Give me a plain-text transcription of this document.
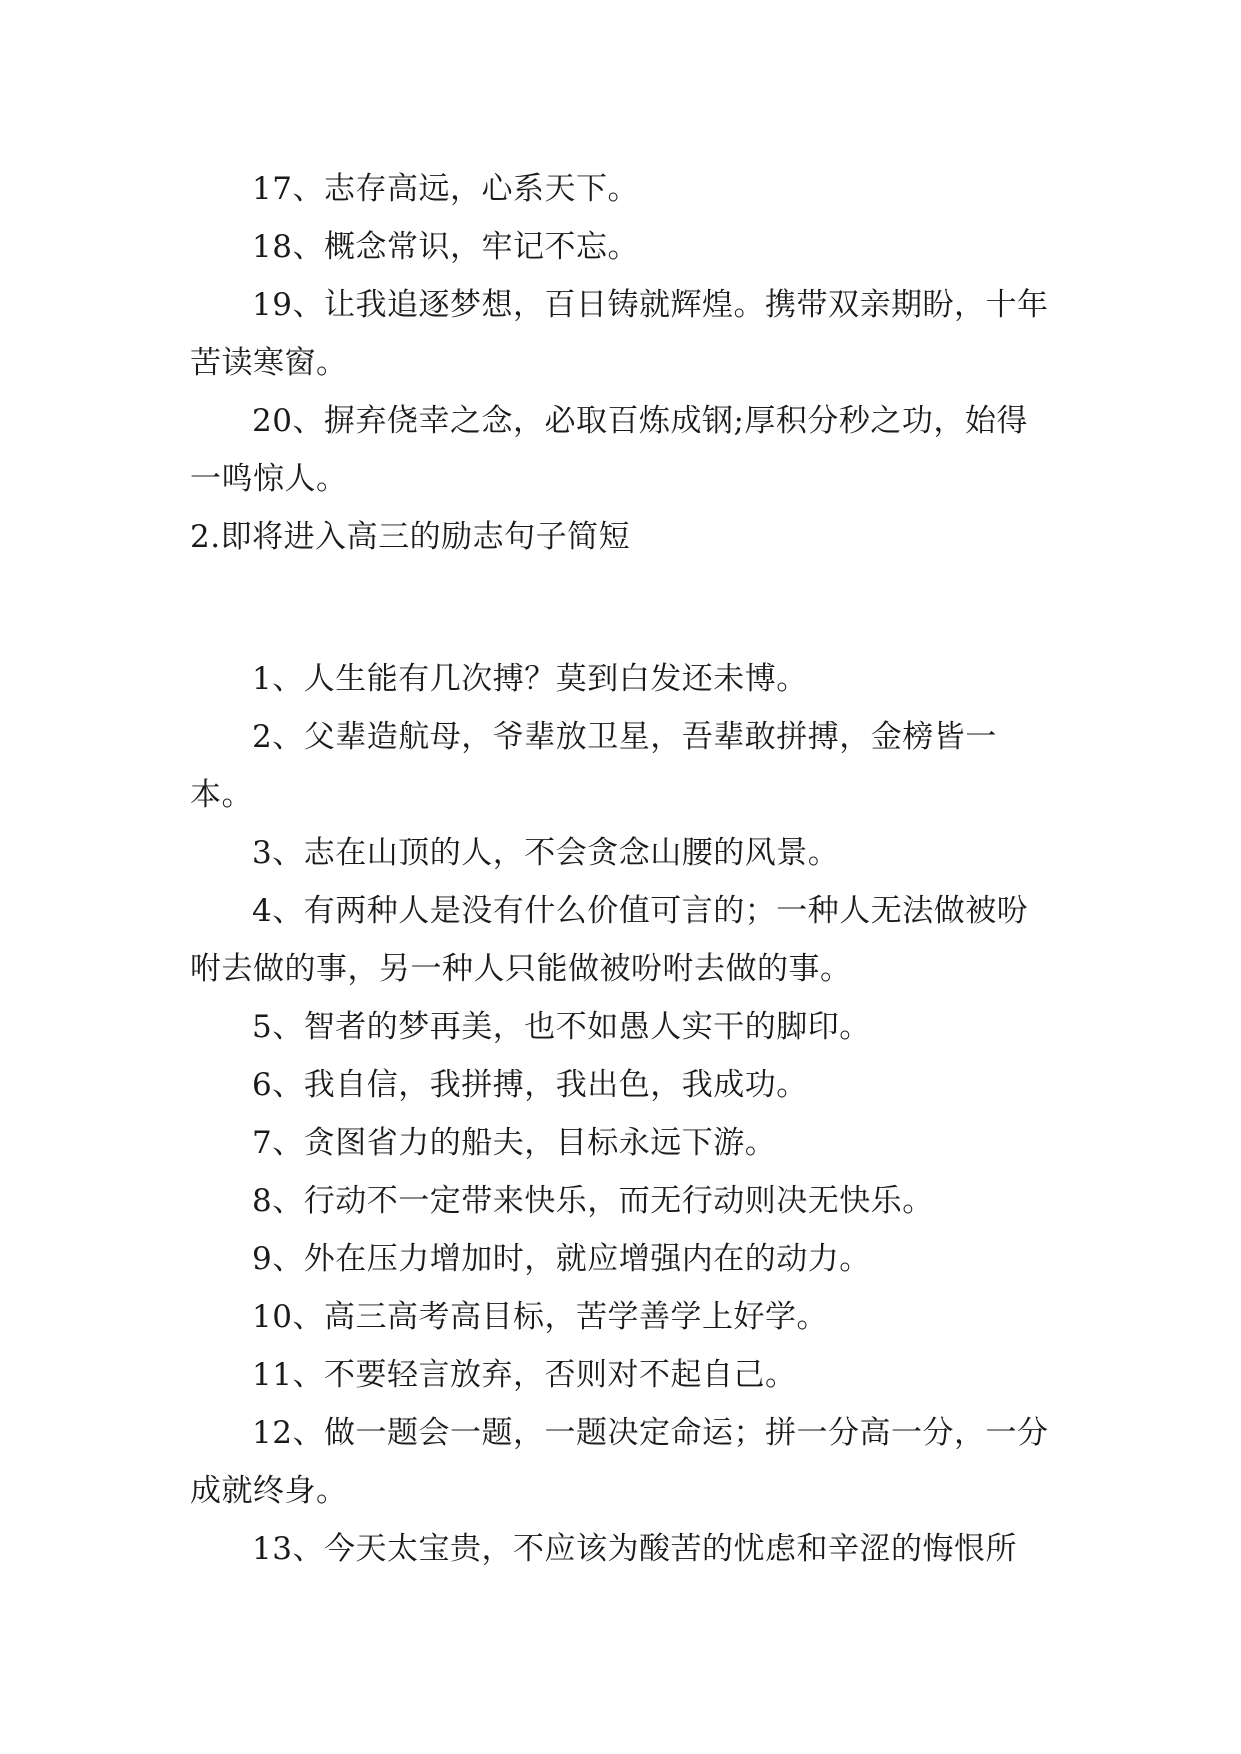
17、志存高远，心系天下。

18、概念常识，牢记不忘。

19、让我追逐梦想，百日铸就辉煌。携带双亲期盼，十年苦读寒窗。

20、摒弃侥幸之念，必取百炼成钢;厚积分秒之功，始得一鸣惊人。

2.即将进入高三的励志句子简短

1、人生能有几次搏？莫到白发还未博。

2、父辈造航母，爷辈放卫星，吾辈敢拼搏，金榜皆一本。

3、志在山顶的人，不会贪念山腰的风景。

4、有两种人是没有什么价值可言的；一种人无法做被吩咐去做的事，另一种人只能做被吩咐去做的事。

5、智者的梦再美，也不如愚人实干的脚印。

6、我自信，我拼搏，我出色，我成功。

7、贪图省力的船夫，目标永远下游。

8、行动不一定带来快乐，而无行动则决无快乐。

9、外在压力增加时，就应增强内在的动力。

10、高三高考高目标，苦学善学上好学。

11、不要轻言放弃，否则对不起自己。

12、做一题会一题，一题决定命运；拼一分高一分，一分成就终身。

13、今天太宝贵，不应该为酸苦的忧虑和辛涩的悔恨所
